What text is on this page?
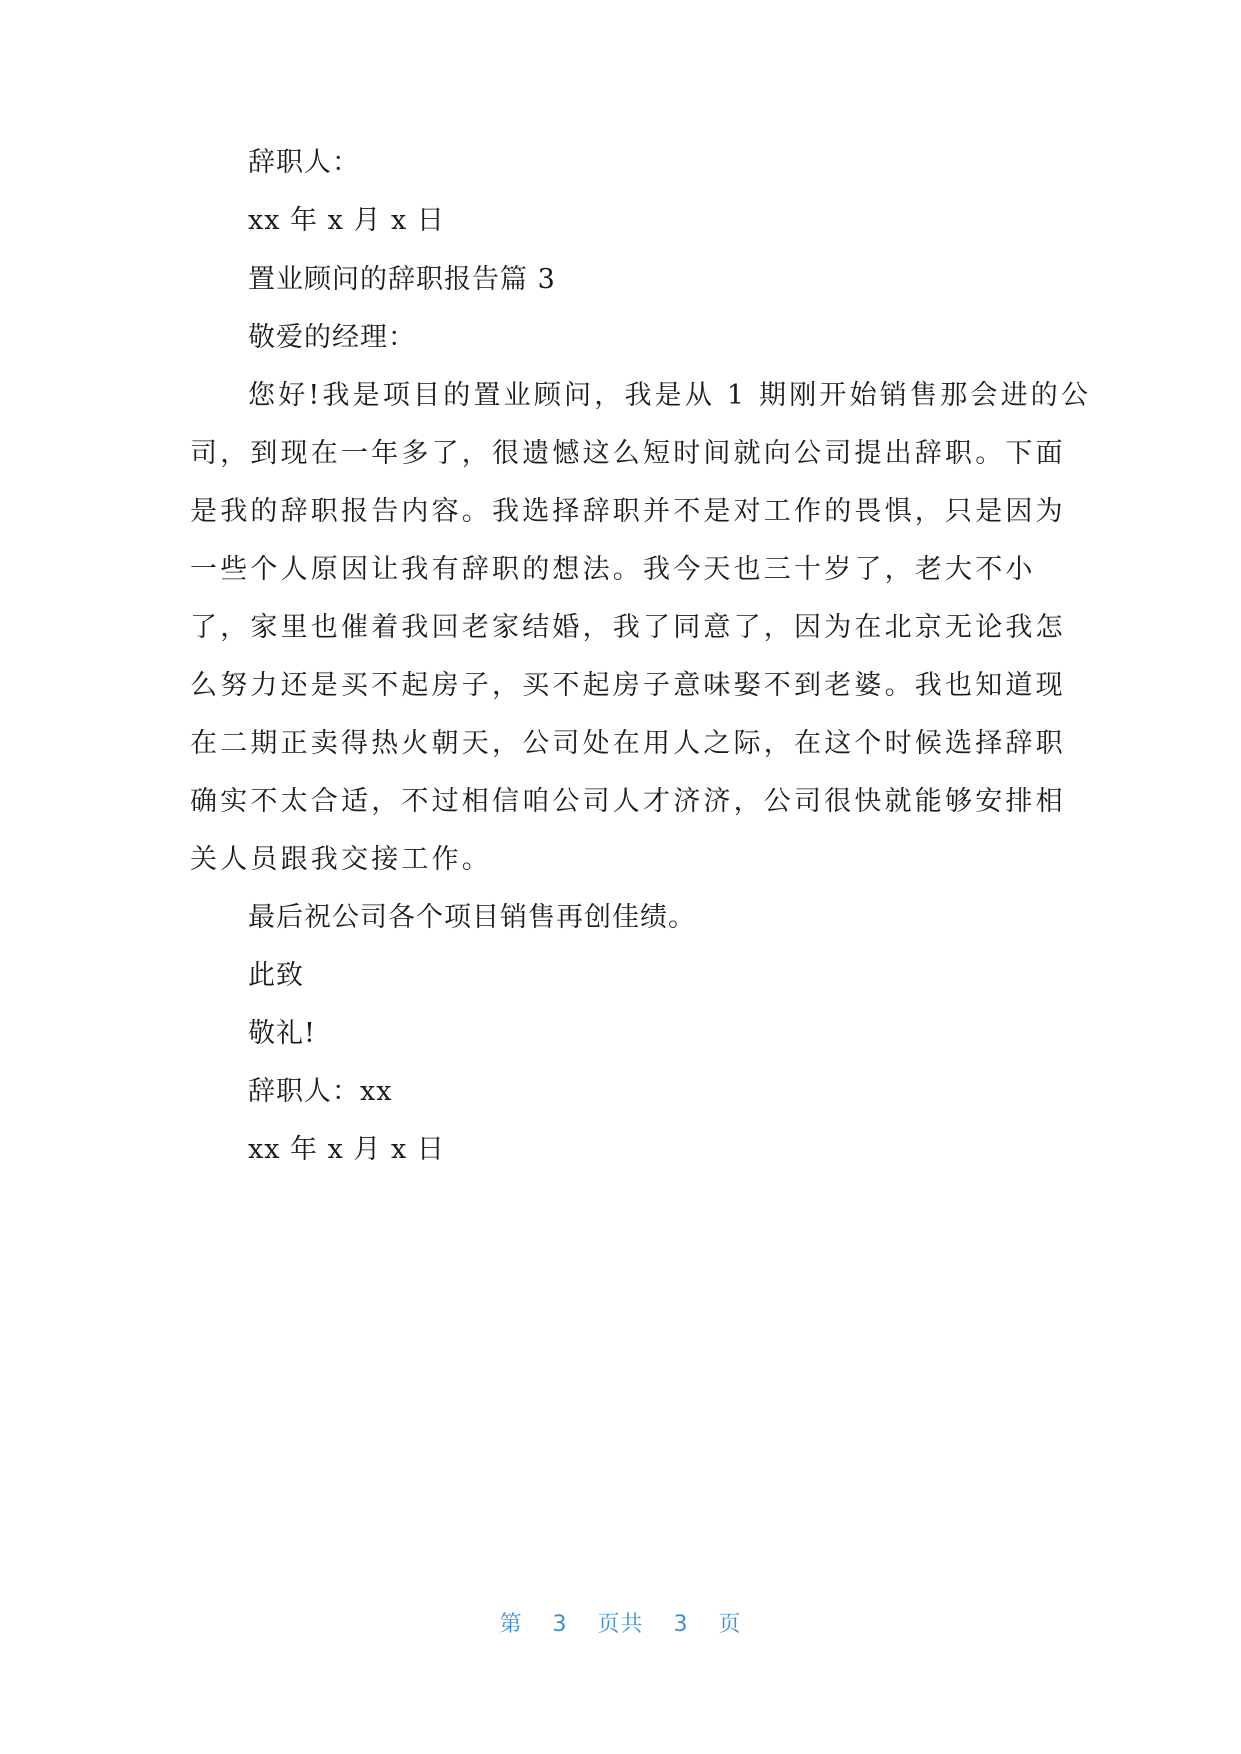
辞职人：
xx 年 x 月 x 日
置业顾问的辞职报告篇 3
敬爱的经理：
您好!我是项目的置业顾问，我是从 1 期刚开始销售那会进的公
司，到现在一年多了，很遗憾这么短时间就向公司提出辞职。下面
是我的辞职报告内容。我选择辞职并不是对工作的畏惧，只是因为
一些个人原因让我有辞职的想法。我今天也三十岁了，老大不小
了，家里也催着我回老家结婚，我了同意了，因为在北京无论我怎
么努力还是买不起房子，买不起房子意味娶不到老婆。我也知道现
在二期正卖得热火朝天，公司处在用人之际，在这个时候选择辞职
确实不太合适，不过相信咱公司人才济济，公司很快就能够安排相
关人员跟我交接工作。
最后祝公司各个项目销售再创佳绩。
此致
敬礼!
辞职人：xx
xx 年 x 月 x 日
第 3 页共 3 页
